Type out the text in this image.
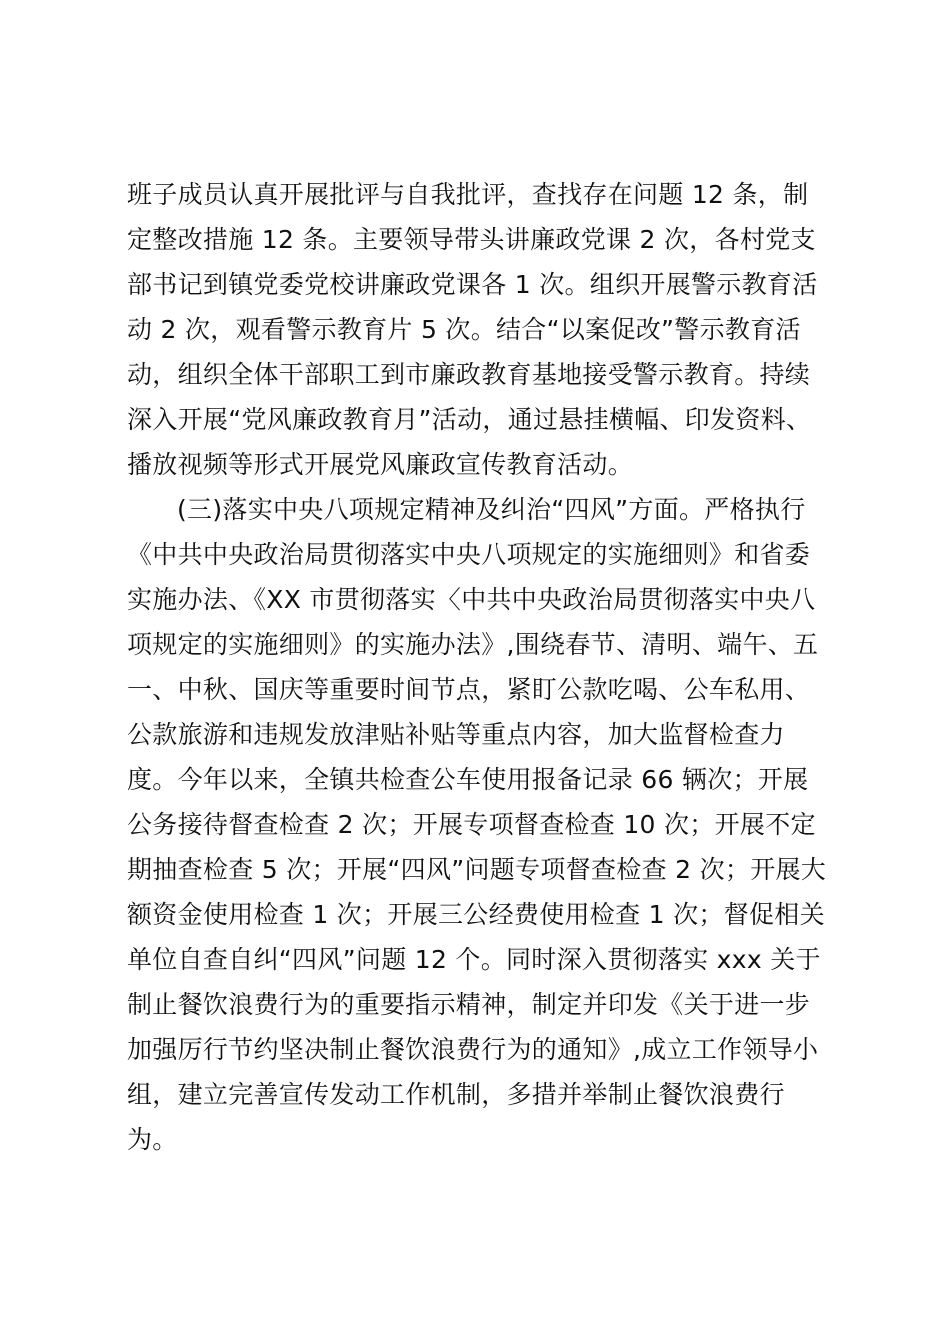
班子成员认真开展批评与自我批评，查找存在问题 12 条，制
定整改措施 12 条。主要领导带头讲廉政党课 2 次，各村党支
部书记到镇党委党校讲廉政党课各 1 次。组织开展警示教育活
动 2 次，观看警示教育片 5 次。结合“以案促改”警示教育活
动，组织全体干部职工到市廉政教育基地接受警示教育。持续
深入开展“党风廉政教育月”活动，通过悬挂横幅、印发资料、
播放视频等形式开展党风廉政宣传教育活动。
(三)落实中央八项规定精神及纠治“四风”方面。严格执行
《中共中央政治局贯彻落实中央八项规定的实施细则》和省委
实施办法、《XX 市贯彻落实〈中共中央政治局贯彻落实中央八
项规定的实施细则》的实施办法》,围绕春节、清明、端午、五
一、中秋、国庆等重要时间节点，紧盯公款吃喝、公车私用、
公款旅游和违规发放津贴补贴等重点内容，加大监督检查力
度。今年以来，全镇共检查公车使用报备记录 66 辆次；开展
公务接待督查检查 2 次；开展专项督查检查 10 次；开展不定
期抽查检查 5 次；开展“四风”问题专项督查检查 2 次；开展大
额资金使用检查 1 次；开展三公经费使用检查 1 次；督促相关
单位自查自纠“四风”问题 12 个。同时深入贯彻落实 xxx 关于
制止餐饮浪费行为的重要指示精神，制定并印发《关于进一步
加强厉行节约坚决制止餐饮浪费行为的通知》,成立工作领导小
组，建立完善宣传发动工作机制，多措并举制止餐饮浪费行
为。
